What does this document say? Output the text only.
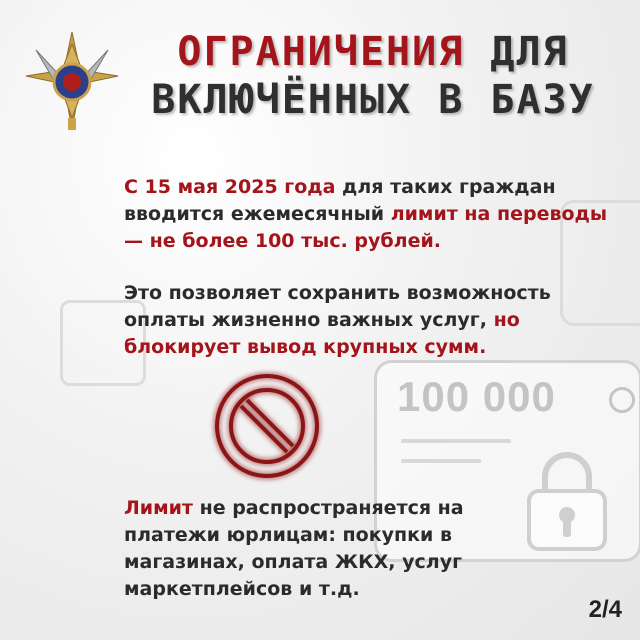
ОГРАНИЧЕНИЯ ДЛЯ
ВКЛЮЧЁННЫХ В БАЗУ
С 15 мая 2025 года для таких граждан вводится ежемесячный лимит на переводы — не более 100 тыс. рублей.
Это позволяет сохранить возможность оплаты жизненно важных услуг, но блокирует вывод крупных сумм.
100 000
Лимит не распространяется на платежи юрлицам: покупки в магазинах, оплата ЖКХ, услуг маркетплейсов и т.д.
2/4
